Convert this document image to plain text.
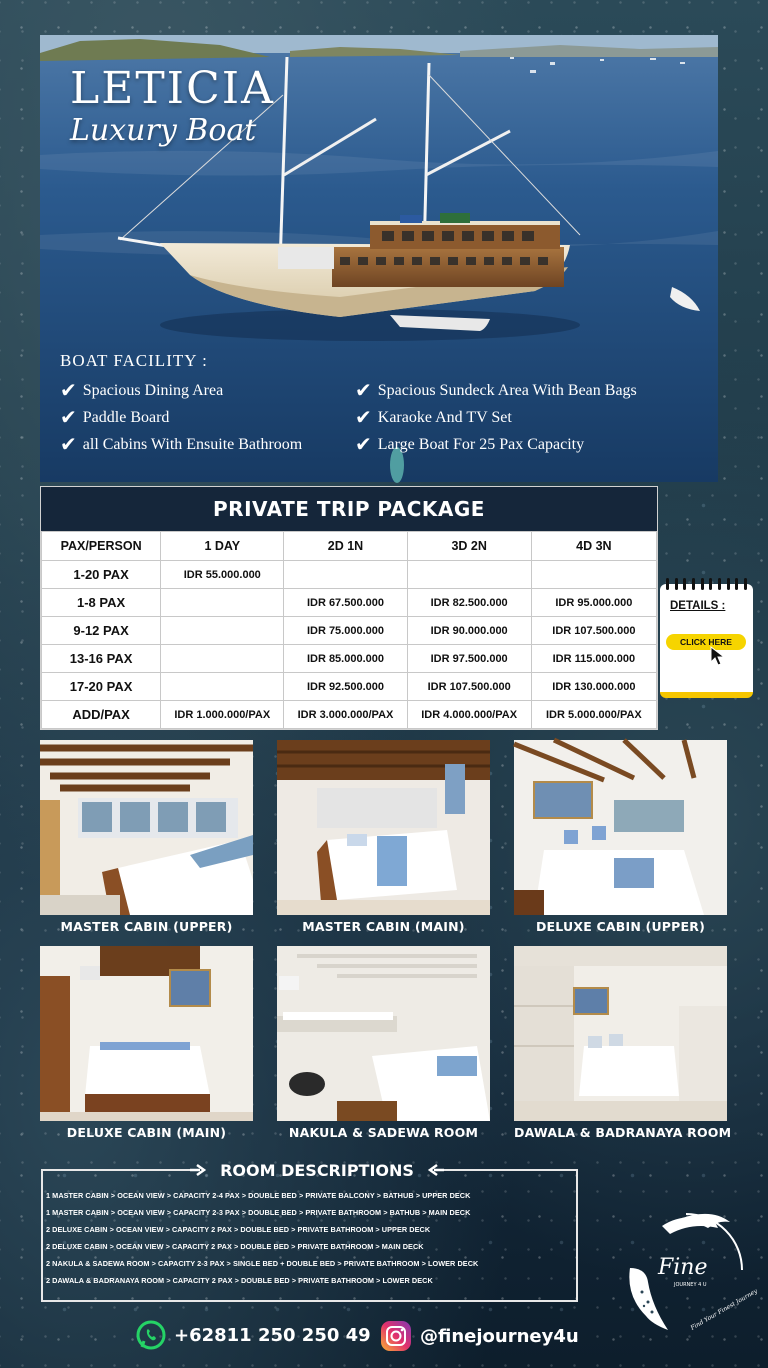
LETICIA
Luxury Boat
BOAT FACILITY :
✔ Spacious Dining Area	✔ Spacious Sundeck Area With Bean Bags
✔ Paddle Board	✔ Karaoke And TV Set
✔ all Cabins With Ensuite Bathroom	✔ Large Boat For 25 Pax Capacity
PRIVATE TRIP PACKAGE
PAX/PERSON	1 DAY	2D 1N	3D 2N	4D 3N
1-20 PAX	IDR 55.000.000			
1-8 PAX		IDR 67.500.000	IDR 82.500.000	IDR 95.000.000
9-12 PAX		IDR 75.000.000	IDR 90.000.000	IDR 107.500.000
13-16 PAX		IDR 85.000.000	IDR 97.500.000	IDR 115.000.000
17-20 PAX		IDR 92.500.000	IDR 107.500.000	IDR 130.000.000
ADD/PAX	IDR 1.000.000/PAX	IDR 3.000.000/PAX	IDR 4.000.000/PAX	IDR 5.000.000/PAX
DETAILS :
CLICK HERE
MASTER CABIN (UPPER)	MASTER CABIN (MAIN)	DELUXE CABIN (UPPER)
DELUXE CABIN (MAIN)	NAKULA & SADEWA ROOM	DAWALA & BADRANAYA ROOM
ROOM DESCRIPTIONS
1 MASTER CABIN > OCEAN VIEW > CAPACITY 2-4 PAX > DOUBLE BED > PRIVATE BALCONY > BATHUB > UPPER DECK
1 MASTER CABIN > OCEAN VIEW > CAPACITY 2-3 PAX > DOUBLE BED > PRIVATE BATHROOM > BATHUB > MAIN DECK
2 DELUXE CABIN > OCEAN VIEW > CAPACITY 2 PAX > DOUBLE BED > PRIVATE BATHROOM > UPPER DECK
2 DELUXE CABIN > OCEAN VIEW > CAPACITY 2 PAX > DOUBLE BED > PRIVATE BATHROOM > MAIN DECK
2 NAKULA & SADEWA ROOM > CAPACITY 2-3 PAX > SINGLE BED + DOUBLE BED > PRIVATE BATHROOM > LOWER DECK
2 DAWALA & BADRANAYA ROOM > CAPACITY 2 PAX > DOUBLE BED > PRIVATE BATHROOM > LOWER DECK
Fine
JOURNEY 4 U
Find Your Finest Journey
+62811 250 250 49	@finejourney4u
